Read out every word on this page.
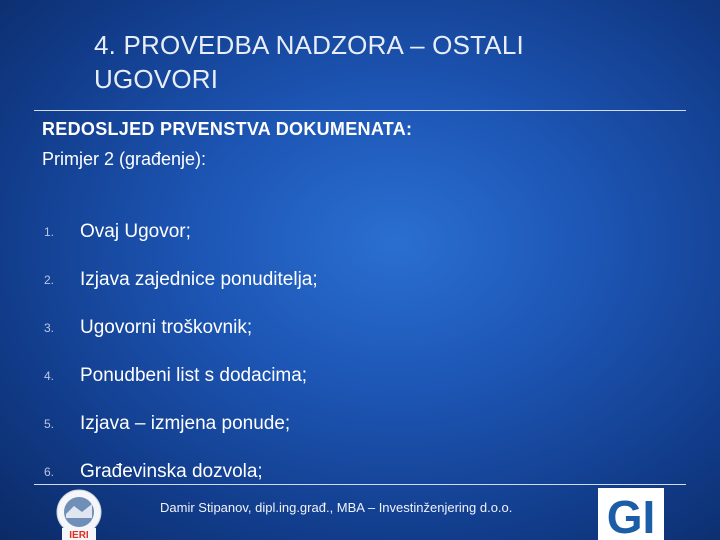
4. PROVEDBA NADZORA – OSTALI
UGOVORI
REDOSLJED PRVENSTVA DOKUMENATA:
Primjer 2 (građenje):
1.	Ovaj Ugovor;
2.	Izjava zajednice ponuditelja;
3.	Ugovorni troškovnik;
4.	Ponudbeni list s dodacima;
5.	Izjava – izmjena ponude;
6.	Građevinska dozvola;
IERI
Damir Stipanov, dipl.ing.građ., MBA – Investinženjering d.o.o. GI
